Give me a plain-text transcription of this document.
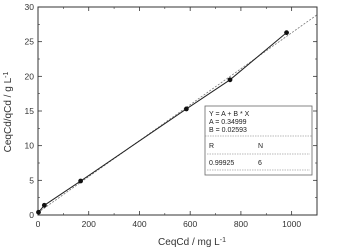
0	200	400	600	800	1000
0
5
10
15
20
25
30
CeqCd / mg $L^{-1}$
CeqCd/qCd / g $L^{-1}$
Y = A + B * X
A = 0.34999
B = 0.02593
R	N
0.99925	6
